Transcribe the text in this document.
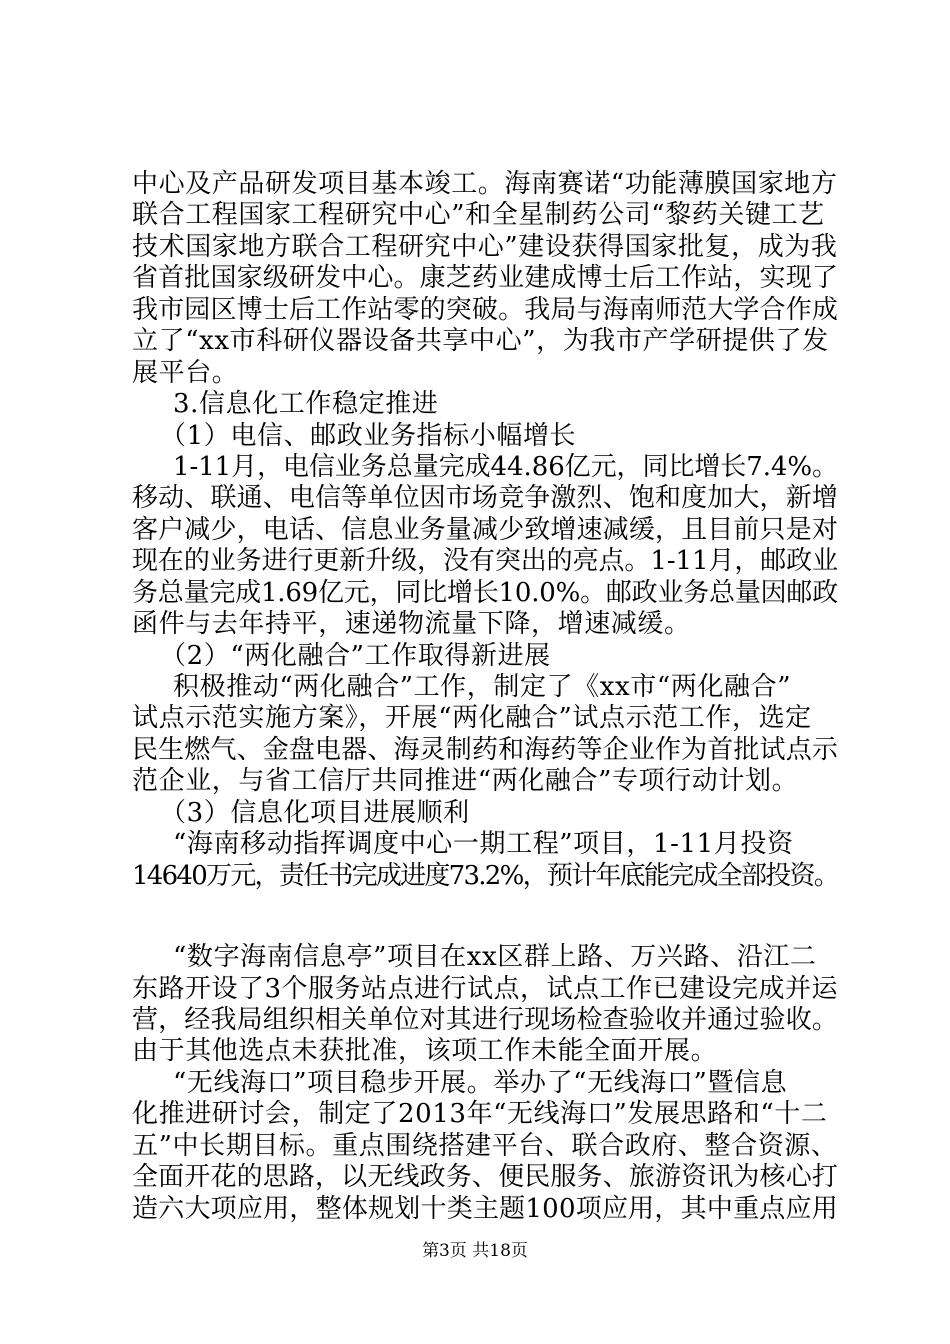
中心及产品研发项目基本竣工。海南赛诺“功能薄膜国家地方
联合工程国家工程研究中心”和全星制药公司“黎药关键工艺
技术国家地方联合工程研究中心”建设获得国家批复，成为我
省首批国家级研发中心。康芝药业建成博士后工作站，实现了
我市园区博士后工作站零的突破。我局与海南师范大学合作成
立了“xx市科研仪器设备共享中心”，为我市产学研提供了发
展平台。
3.信息化工作稳定推进
（1）电信、邮政业务指标小幅增长
1-11月，电信业务总量完成44.86亿元，同比增长7.4%。
移动、联通、电信等单位因市场竞争激烈、饱和度加大，新增
客户减少，电话、信息业务量减少致增速减缓，且目前只是对
现在的业务进行更新升级，没有突出的亮点。1-11月，邮政业
务总量完成1.69亿元，同比增长10.0%。邮政业务总量因邮政
函件与去年持平，速递物流量下降，增速减缓。
（2）“两化融合”工作取得新进展
积极推动“两化融合”工作，制定了《xx市“两化融合”
试点示范实施方案》，开展“两化融合”试点示范工作，选定
民生燃气、金盘电器、海灵制药和海药等企业作为首批试点示
范企业，与省工信厅共同推进“两化融合”专项行动计划。
（3）信息化项目进展顺利
“海南移动指挥调度中心一期工程”项目，1-11月投资
14640万元，责任书完成进度73.2%，预计年底能完成全部投资。
“数字海南信息亭”项目在xx区群上路、万兴路、沿江二
东路开设了3个服务站点进行试点，试点工作已建设完成并运
营，经我局组织相关单位对其进行现场检查验收并通过验收。
由于其他选点未获批准，该项工作未能全面开展。
“无线海口”项目稳步开展。举办了“无线海口”暨信息
化推进研讨会，制定了2013年“无线海口”发展思路和“十二
五”中长期目标。重点围绕搭建平台、联合政府、整合资源、
全面开花的思路，以无线政务、便民服务、旅游资讯为核心打
造六大项应用，整体规划十类主题100项应用，其中重点应用
第3页 共18页
